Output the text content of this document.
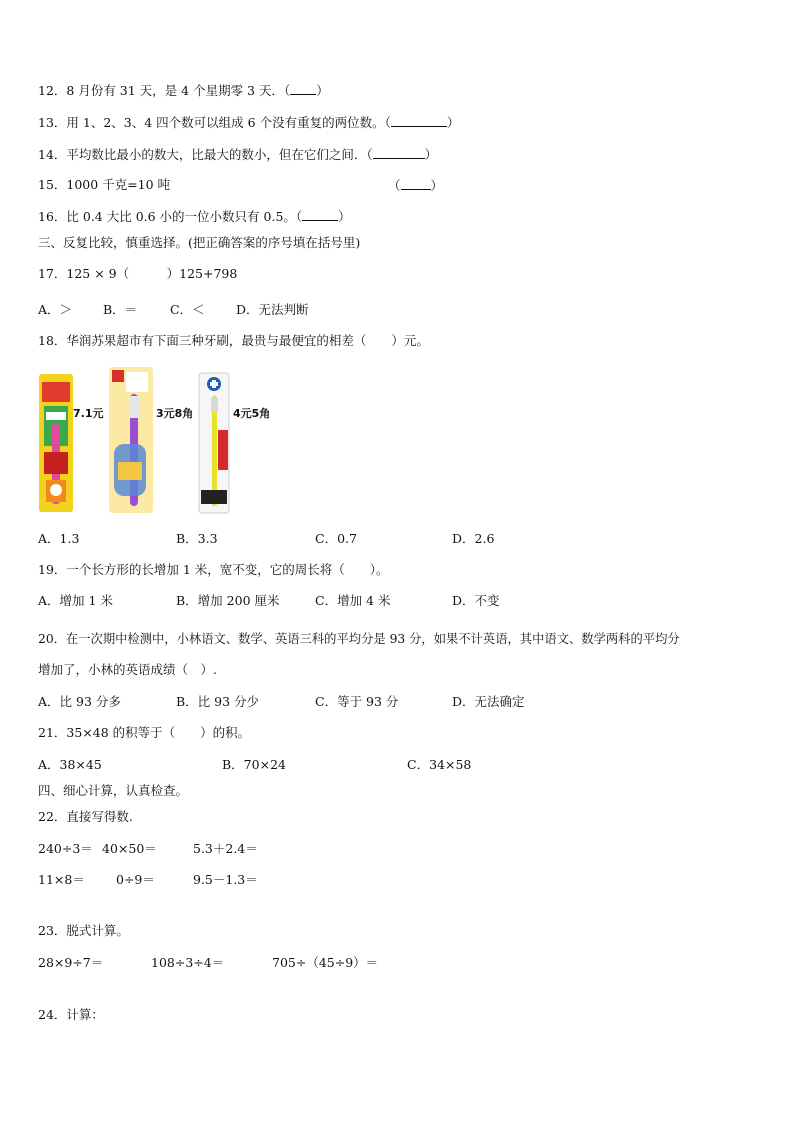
12．8 月份有 31 天，是 4 个星期零 3 天．（ ）
13．用 1、2、3、4 四个数可以组成 6 个没有重复的两位数。（	）
14．平均数比最小的数大，比最大的数小，但在它们之间．（	）
15．1000 千克=10 吨	（ ）
16．比 0.4 大比 0.6 小的一位小数只有 0.5。（	）
三、反复比较，慎重选择。(把正确答案的序号填在括号里)
17．125 × 9（　　　）125+798
A．＞ B．＝	C．＜	D．无法判断
18．华润苏果超市有下面三种牙刷，最贵与最便宜的相差（　　）元。
7.1元	3元8角	4元5角
A．1.3	B．3.3	C．0.7	D．2.6
19．一个长方形的长增加 1 米，宽不变，它的周长将（　　）。
A．增加 1 米	B．增加 200 厘米	C．增加 4 米	D．不变
20．在一次期中检测中，小林语文、数学、英语三科的平均分是 93 分，如果不计英语，其中语文、数学两科的平均分
增加了，小林的英语成绩（　）.
A．比 93 分多	B．比 93 分少	C．等于 93 分	D．无法确定
21．35×48 的积等于（　　）的积。
A．38×45	B．70×24	C．34×58
四、细心计算，认真检查。
22．直接写得数.
240÷3＝ 40×50＝	5.3＋2.4＝
11×8＝ 0÷9＝	9.5－1.3＝
23．脱式计算。
28×9÷7＝	108÷3÷4＝	705÷（45÷9）＝
24．计算：
